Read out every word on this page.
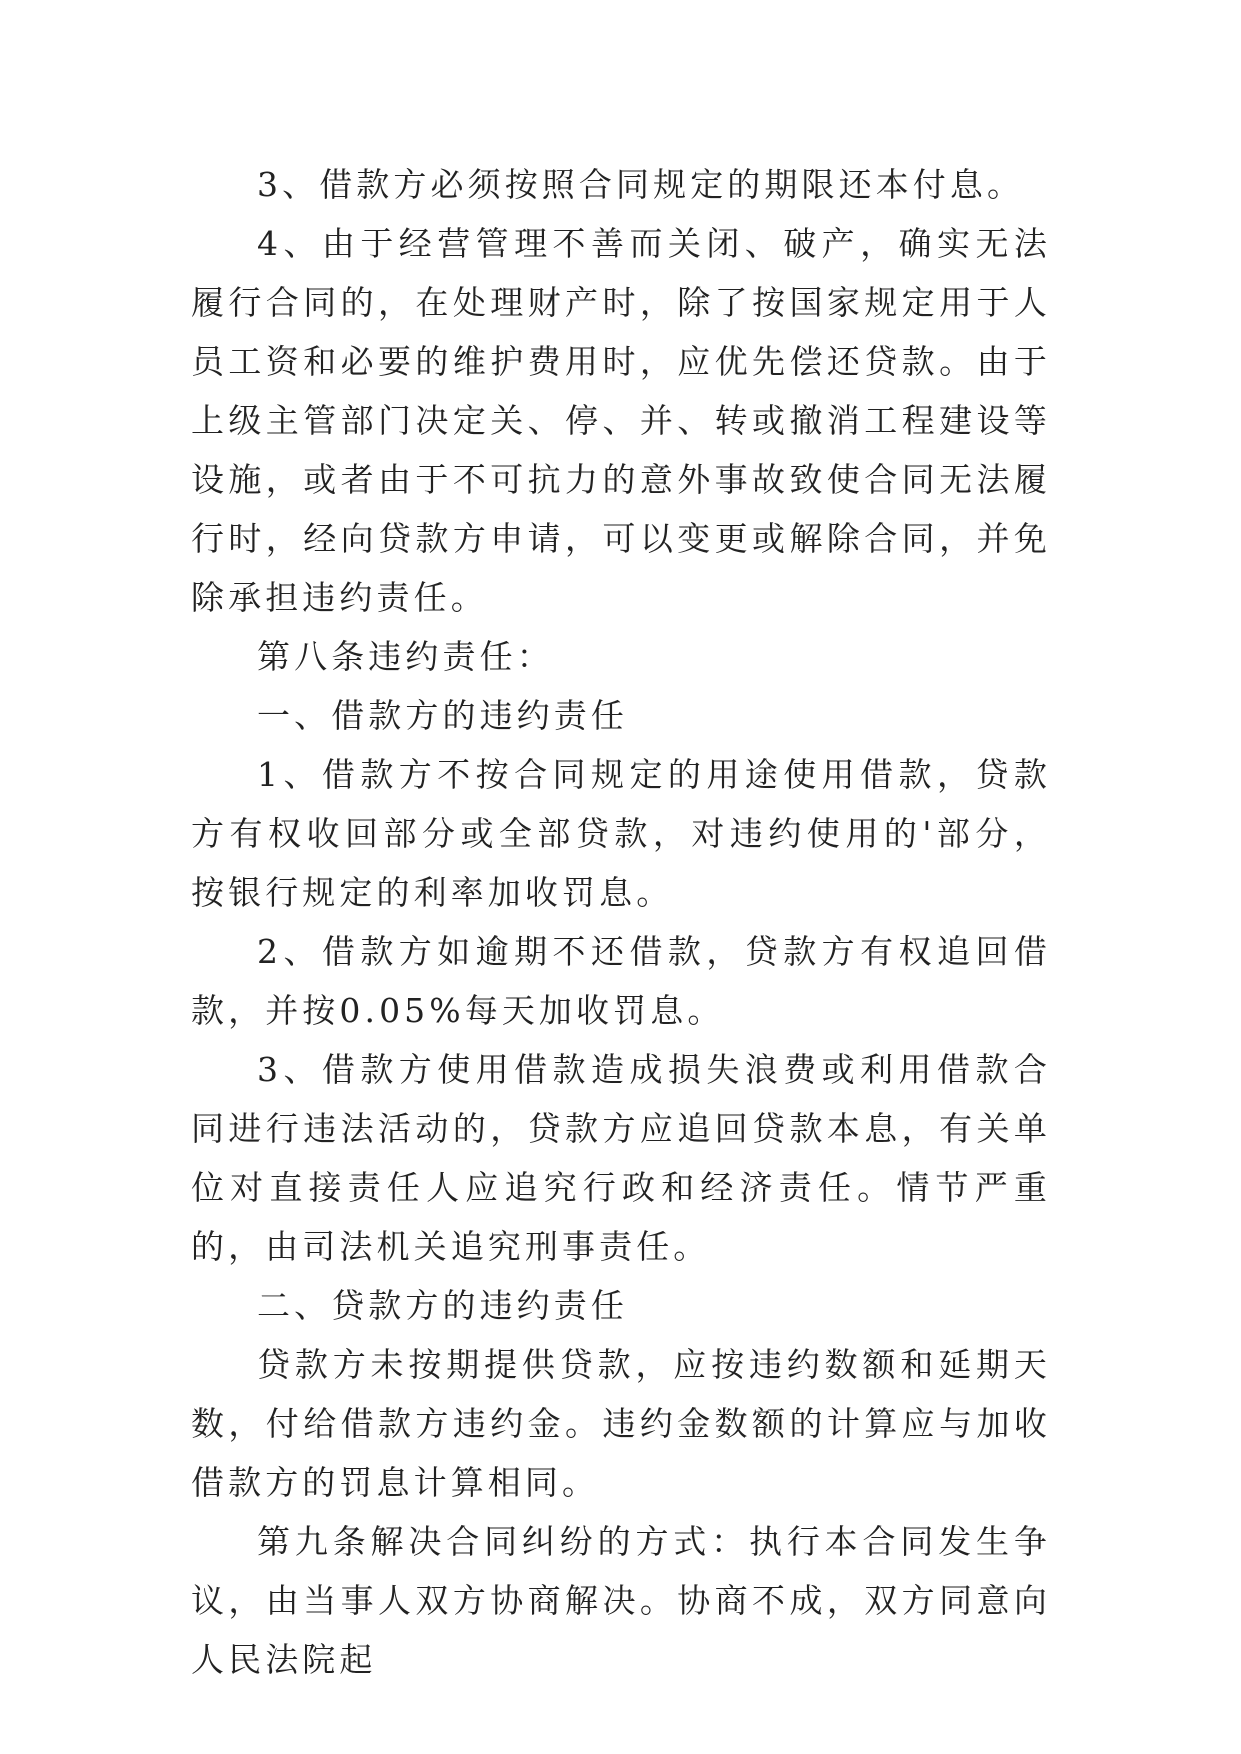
3、借款方必须按照合同规定的期限还本付息。

4、由于经营管理不善而关闭、破产，确实无法履行合同的，在处理财产时，除了按国家规定用于人员工资和必要的维护费用时，应优先偿还贷款。由于上级主管部门决定关、停、并、转或撤消工程建设等设施，或者由于不可抗力的意外事故致使合同无法履行时，经向贷款方申请，可以变更或解除合同，并免除承担违约责任。

第八条违约责任：

一、借款方的违约责任

1、借款方不按合同规定的用途使用借款，贷款方有权收回部分或全部贷款，对违约使用的'部分，按银行规定的利率加收罚息。

2、借款方如逾期不还借款，贷款方有权追回借款，并按0.05%每天加收罚息。

3、借款方使用借款造成损失浪费或利用借款合同进行违法活动的，贷款方应追回贷款本息，有关单位对直接责任人应追究行政和经济责任。情节严重的，由司法机关追究刑事责任。

二、贷款方的违约责任

贷款方未按期提供贷款，应按违约数额和延期天数，付给借款方违约金。违约金数额的计算应与加收借款方的罚息计算相同。

第九条解决合同纠纷的方式：执行本合同发生争议，由当事人双方协商解决。协商不成，双方同意向 人民法院起
